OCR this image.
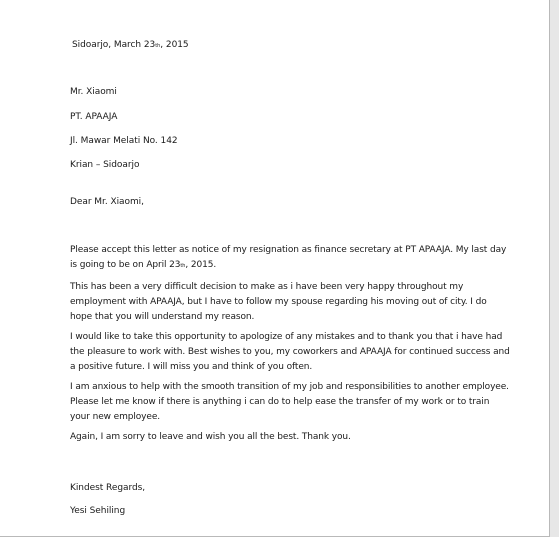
Sidoarjo, March 23th, 2015
Mr. Xiaomi
PT. APAAJA
Jl. Mawar Melati No. 142
Krian – Sidoarjo
Dear Mr. Xiaomi,
Please accept this letter as notice of my resignation as finance secretary at PT APAAJA. My last day is going to be on April 23th, 2015.
This has been a very difficult decision to make as i have been very happy throughout my employment with APAAJA, but I have to follow my spouse regarding his moving out of city. I do hope that you will understand my reason.
I would like to take this opportunity to apologize of any mistakes and to thank you that i have had the pleasure to work with. Best wishes to you, my coworkers and APAAJA for continued success and a positive future. I will miss you and think of you often.
I am anxious to help with the smooth transition of my job and responsibilities to another employee. Please let me know if there is anything i can do to help ease the transfer of my work or to train your new employee.
Again, I am sorry to leave and wish you all the best. Thank you.
Kindest Regards,
Yesi Sehiling
